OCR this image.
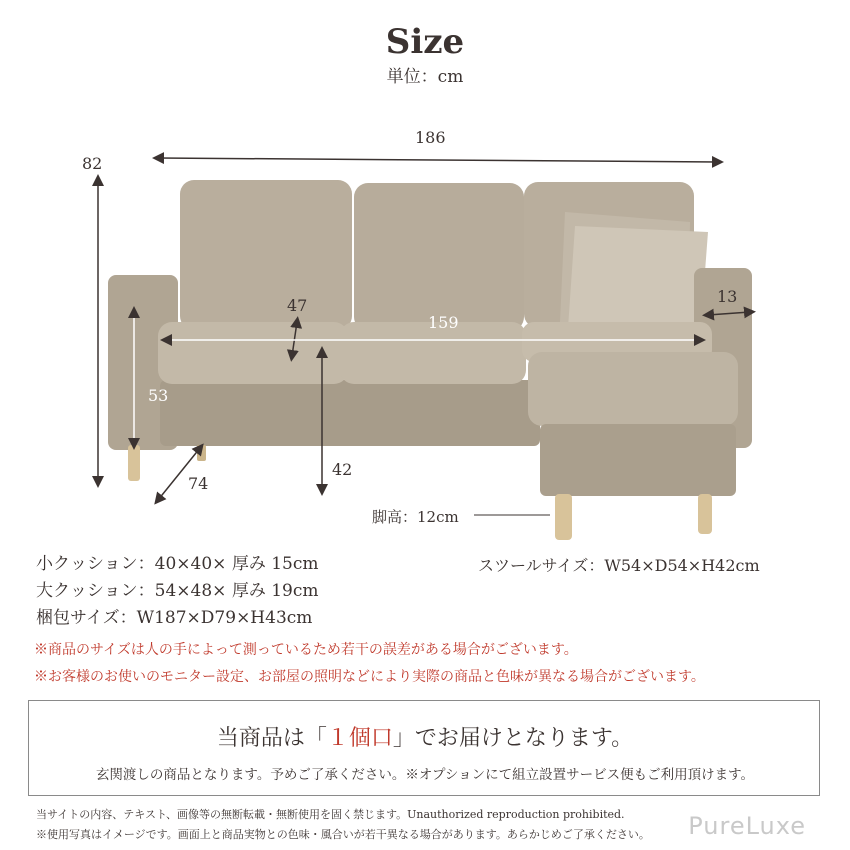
Size
単位：cm
186
82
13
47
159
53
74
42
脚高：12cm
小クッション：40×40× 厚み 15cm
大クッション：54×48× 厚み 19cm
梱包サイズ：W187×D79×H43cm
スツールサイズ：W54×D54×H42cm
※商品のサイズは人の手によって測っているため若干の誤差がある場合がございます。
※お客様のお使いのモニター設定、お部屋の照明などにより実際の商品と色味が異なる場合がございます。
当商品は「１個口」でお届けとなります。
玄関渡しの商品となります。予めご了承ください。※オプションにて組立設置サービス便もご利用頂けます。
当サイトの内容、テキスト、画像等の無断転載・無断使用を固く禁じます。Unauthorized reproduction prohibited.
※使用写真はイメージです。画面上と商品実物との色味・風合いが若干異なる場合があります。あらかじめご了承ください。 PureLuxe
